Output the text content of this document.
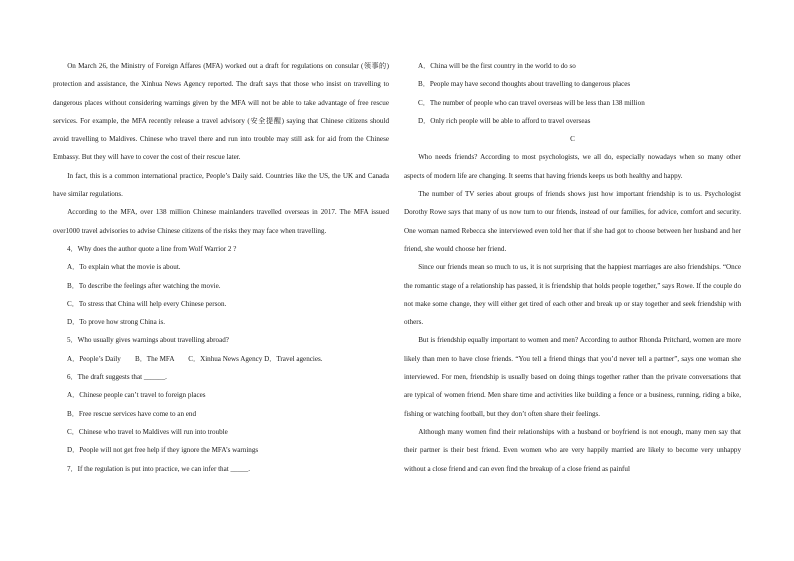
On March 26, the Ministry of Foreign Affares (MFA) worked out a draft for regulations on consular (领事的) protection and assistance, the Xinhua News Agency reported. The draft says that those who insist on travelling to dangerous places without considering warnings given by the MFA will not be able to take advantage of free rescue services. For example, the MFA recently release a travel advisory (安全提醒) saying that Chinese citizens should avoid travelling to Maldives. Chinese who travel there and run into trouble may still ask for aid from the Chinese Embassy. But they will have to cover the cost of their rescue later.

In fact, this is a common international practice, People’s Daily said. Countries like the US, the UK and Canada have similar regulations.

According to the MFA, over 138 million Chinese mainlanders travelled overseas in 2017. The MFA issued over1000 travel advisories to advise Chinese citizens of the risks they may face when travelling.

4．Why does the author quote a line from Wolf Warrior 2 ?

A．To explain what the movie is about.

B．To describe the feelings after watching the movie.

C．To stress that China will help every Chinese person.

D．To prove how strong China is.

5．Who usually gives warnings about travelling abroad?

A．People’s Daily　　B．The MFA　　C．Xinhua News Agency D．Travel agencies.

6．The draft suggests that ______.

A．Chinese people can’t travel to foreign places

B．Free rescue services have come to an end

C．Chinese who travel to Maldives will run into trouble

D．People will not get free help if they ignore the MFA’s warnings

7．If the regulation is put into practice, we can infer that _____.

A．China will be the first country in the world to do so

B．People may have second thoughts about travelling to dangerous places

C．The number of people who can travel overseas will be less than 138 million

D．Only rich people will be able to afford to travel overseas

C

Who needs friends? According to most psychologists, we all do, especially nowadays when so many other aspects of modern life are changing. It seems that having friends keeps us both healthy and happy.

The number of TV series about groups of friends shows just how important friendship is to us. Psychologist Dorothy Rowe says that many of us now turn to our friends, instead of our families, for advice, comfort and security. One woman named Rebecca she interviewed even told her that if she had got to choose between her husband and her friend, she would choose her friend.

Since our friends mean so much to us, it is not surprising that the happiest marriages are also friendships. “Once the romantic stage of a relationship has passed, it is friendship that holds people together,” says Rowe. If the couple do not make some change, they will either get tired of each other and break up or stay together and seek friendship with others.

But is friendship equally important to women and men? According to author Rhonda Pritchard, women are more likely than men to have close friends. “You tell a friend things that you’d never tell a partner”, says one woman she interviewed. For men, friendship is usually based on doing things together rather than the private conversations that are typical of women friend. Men share time and activities like building a fence or a business, running, riding a bike, fishing or watching football, but they don’t often share their feelings.

Although many women find their relationships with a husband or boyfriend is not enough, many men say that their partner is their best friend. Even women who are very happily married are likely to become very unhappy without a close friend and can even find the breakup of a close friend as painful
